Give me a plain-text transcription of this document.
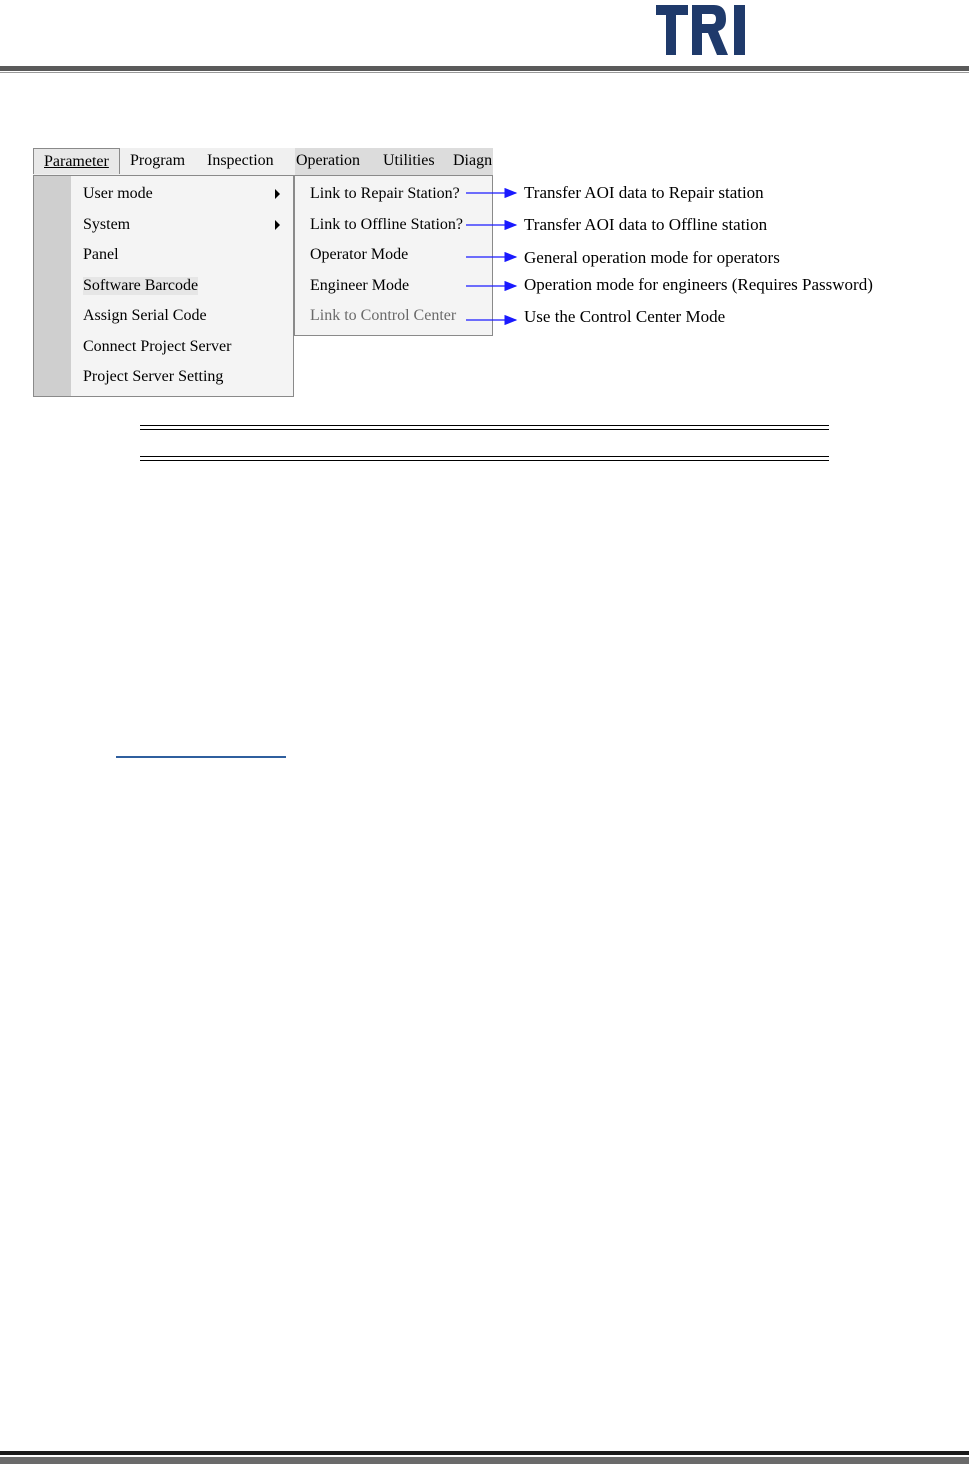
Parameter	Program Inspection Operation Utilities Diagn
User mode
System
Panel
Software Barcode
Assign Serial Code
Connect Project Server
Project Server Setting
Link to Repair Station?
Link to Offline Station?
Operator Mode
Engineer Mode
Link to Control Center
Transfer AOI data to Repair station
Transfer AOI data to Offline station
General operation mode for operators
Operation mode for engineers (Requires Password)
Use the Control Center Mode
